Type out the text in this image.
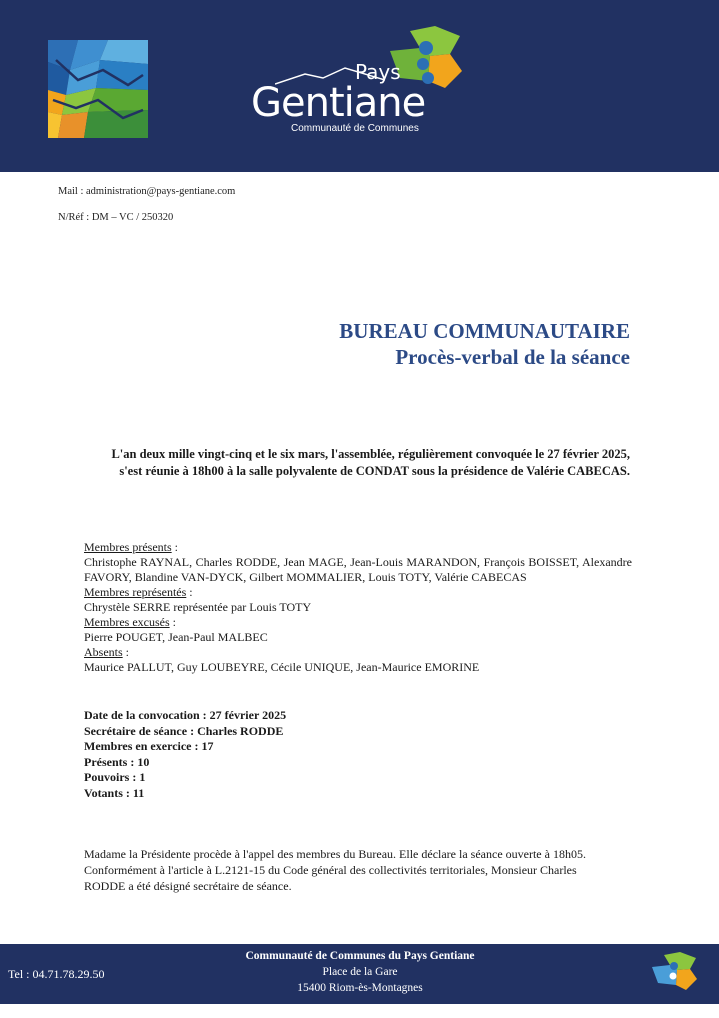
Pays
Gentiane
Communauté de Communes
Mail : administration@pays-gentiane.com
N/Réf : DM – VC / 250320
BUREAU COMMUNAUTAIRE
Procès-verbal de la séance
L'an deux mille vingt-cinq et le six mars, l'assemblée, régulièrement convoquée le 27 février 2025,
s'est réunie à 18h00 à la salle polyvalente de CONDAT sous la présidence de Valérie CABECAS.
Membres présents :
Christophe RAYNAL, Charles RODDE, Jean MAGE, Jean-Louis MARANDON, François BOISSET, Alexandre FAVORY, Blandine VAN-DYCK, Gilbert MOMMALIER, Louis TOTY, Valérie CABECAS
Membres représentés :
Chrystèle SERRE représentée par Louis TOTY
Membres excusés :
Pierre POUGET, Jean-Paul MALBEC
Absents :
Maurice PALLUT, Guy LOUBEYRE, Cécile UNIQUE, Jean-Maurice EMORINE
Date de la convocation : 27 février 2025
Secrétaire de séance : Charles RODDE
Membres en exercice : 17
Présents : 10
Pouvoirs : 1
Votants : 11
Madame la Présidente procède à l'appel des membres du Bureau. Elle déclare la séance ouverte à 18h05.
Conformément à l'article à L.2121-15 du Code général des collectivités territoriales, Monsieur Charles
RODDE a été désigné secrétaire de séance.
Tel : 04.71.78.29.50
Communauté de Communes du Pays Gentiane
Place de la Gare
15400 Riom-ès-Montagnes
